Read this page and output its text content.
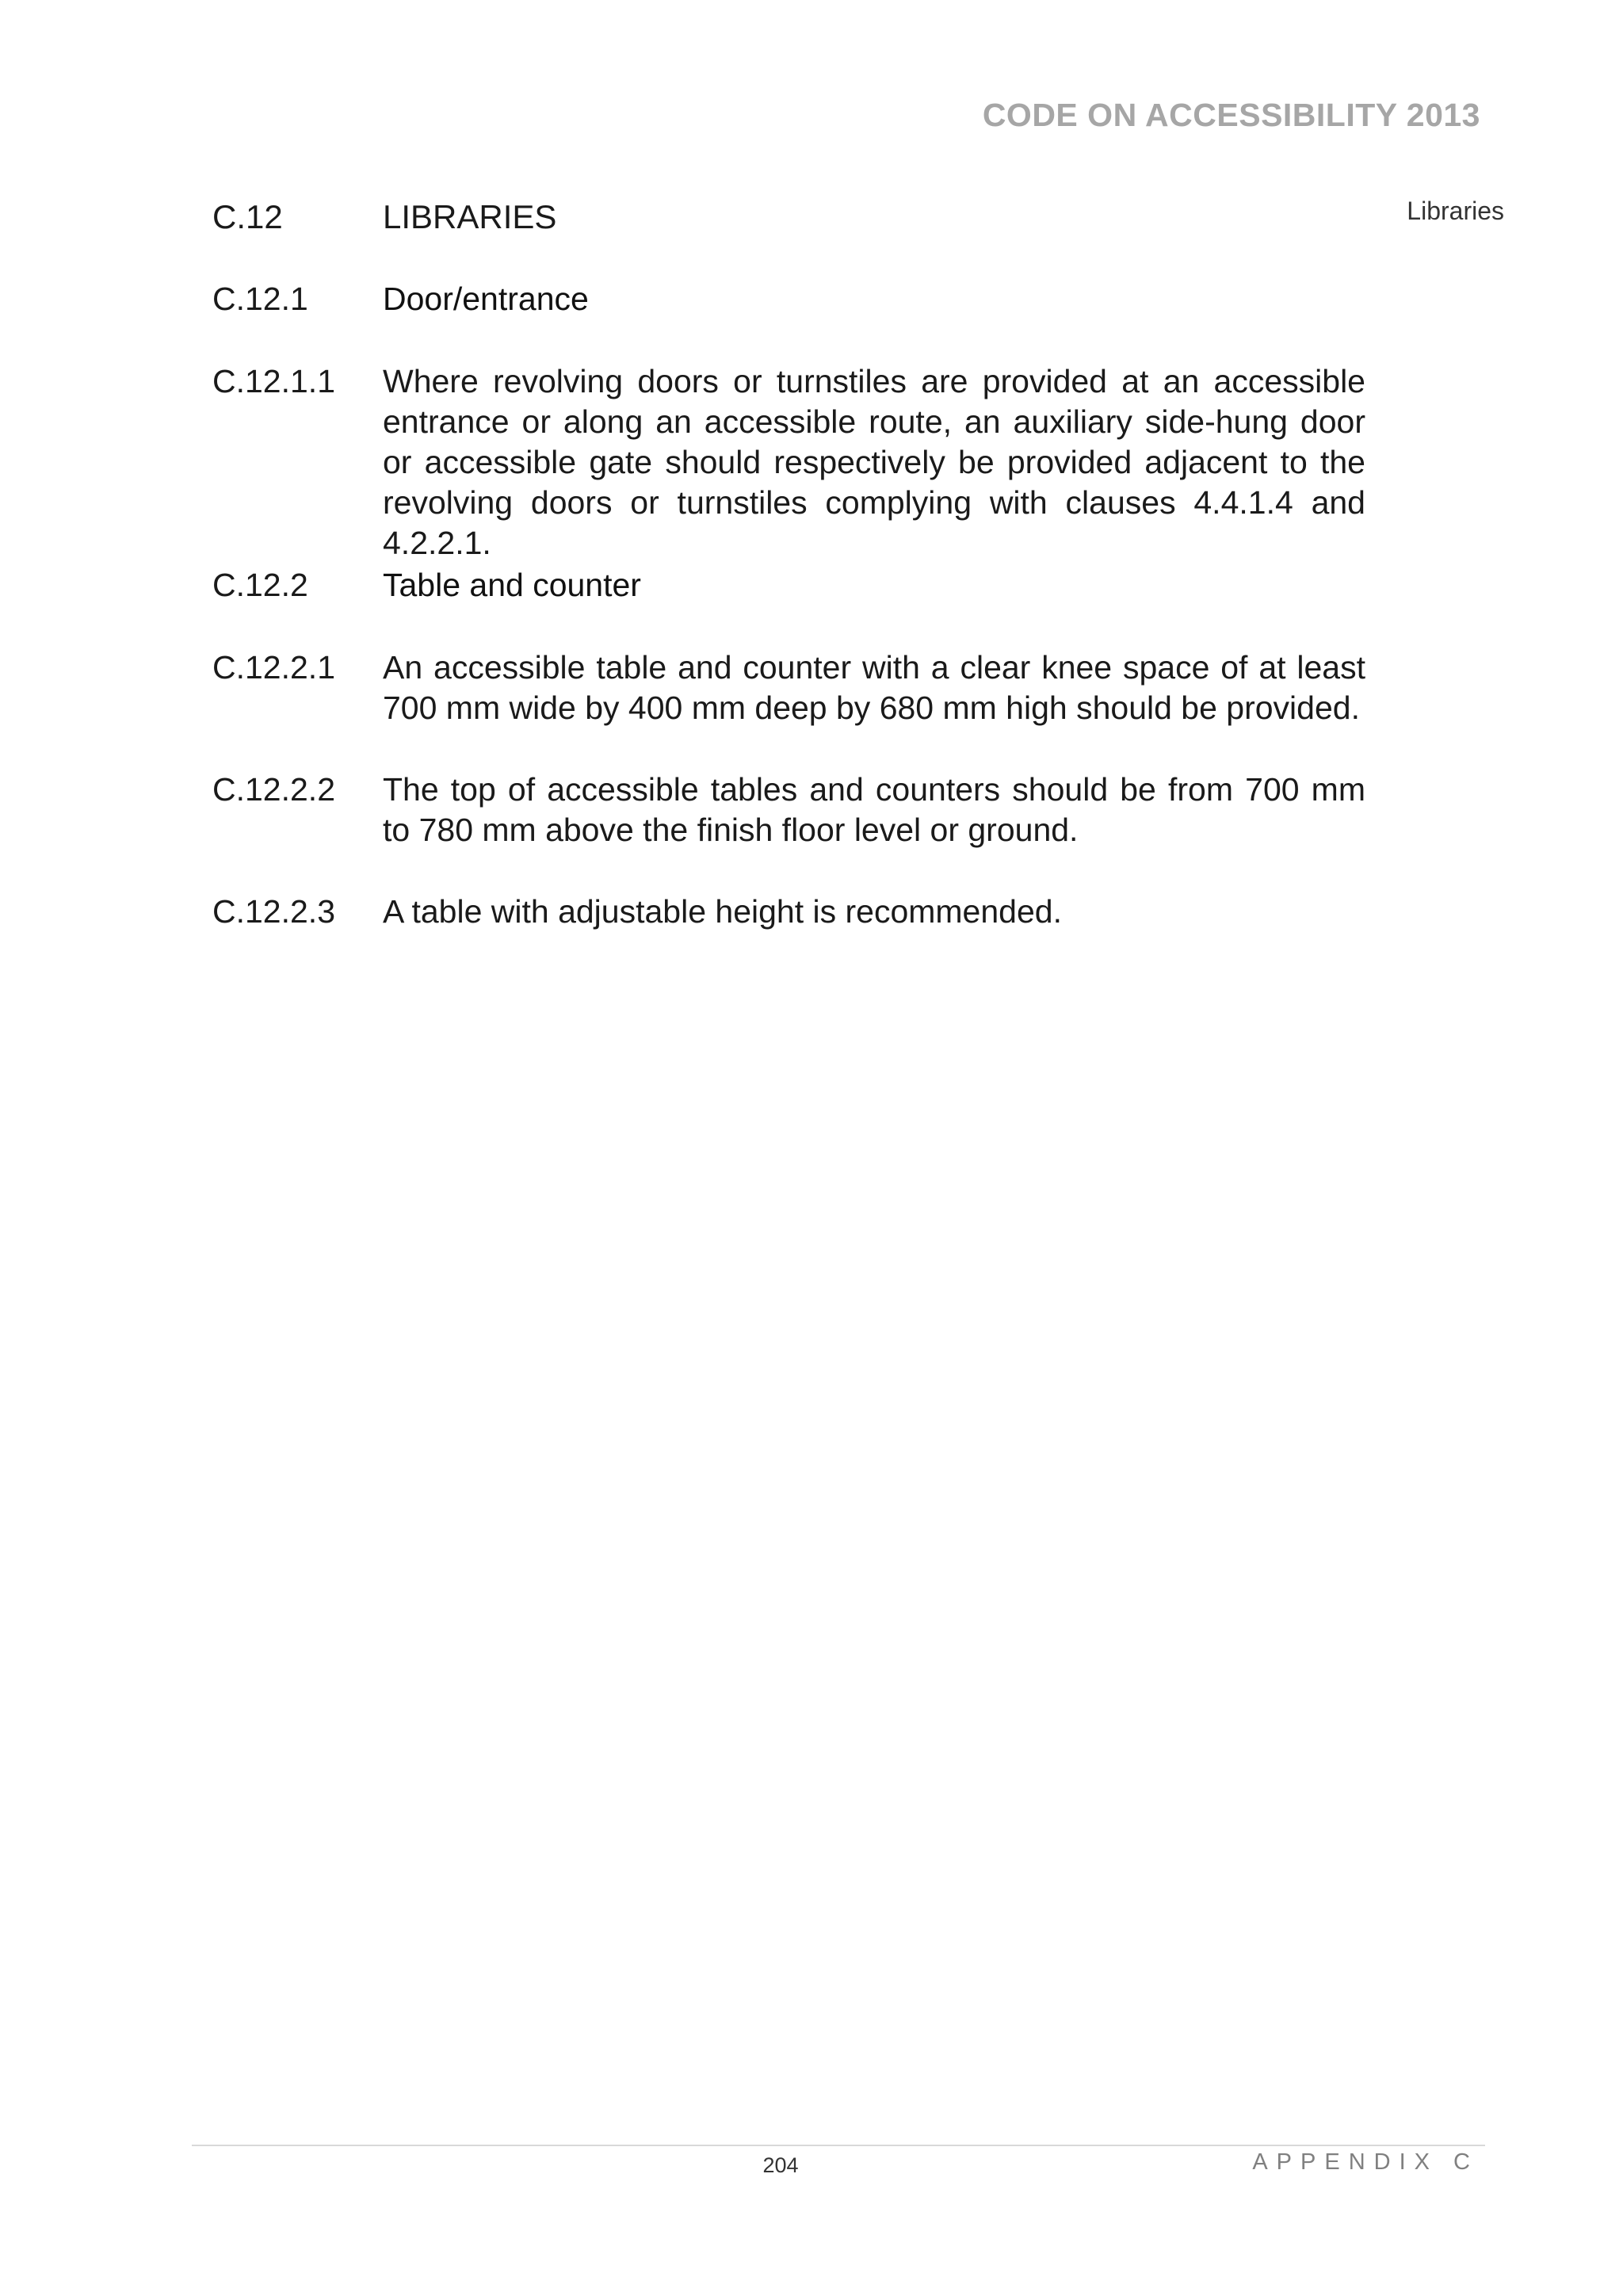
CODE ON ACCESSIBILITY 2013
Libraries
C.12	LIBRARIES
C.12.1	Door/entrance
C.12.1.1	Where revolving doors or turnstiles are provided at an accessible entrance or along an accessible route, an auxiliary side-hung door or accessible gate should respectively be provided adjacent to the revolving doors or turnstiles complying with clauses 4.4.1.4 and 4.2.2.1.
C.12.2	Table and counter
C.12.2.1	An accessible table and counter with a clear knee space of at least 700 mm wide by 400 mm deep by 680 mm high should be provided.
C.12.2.2	The top of accessible tables and counters should be from 700 mm to 780 mm above the finish floor level or ground.
C.12.2.3	A table with adjustable height is recommended.
204	APPENDIX C
